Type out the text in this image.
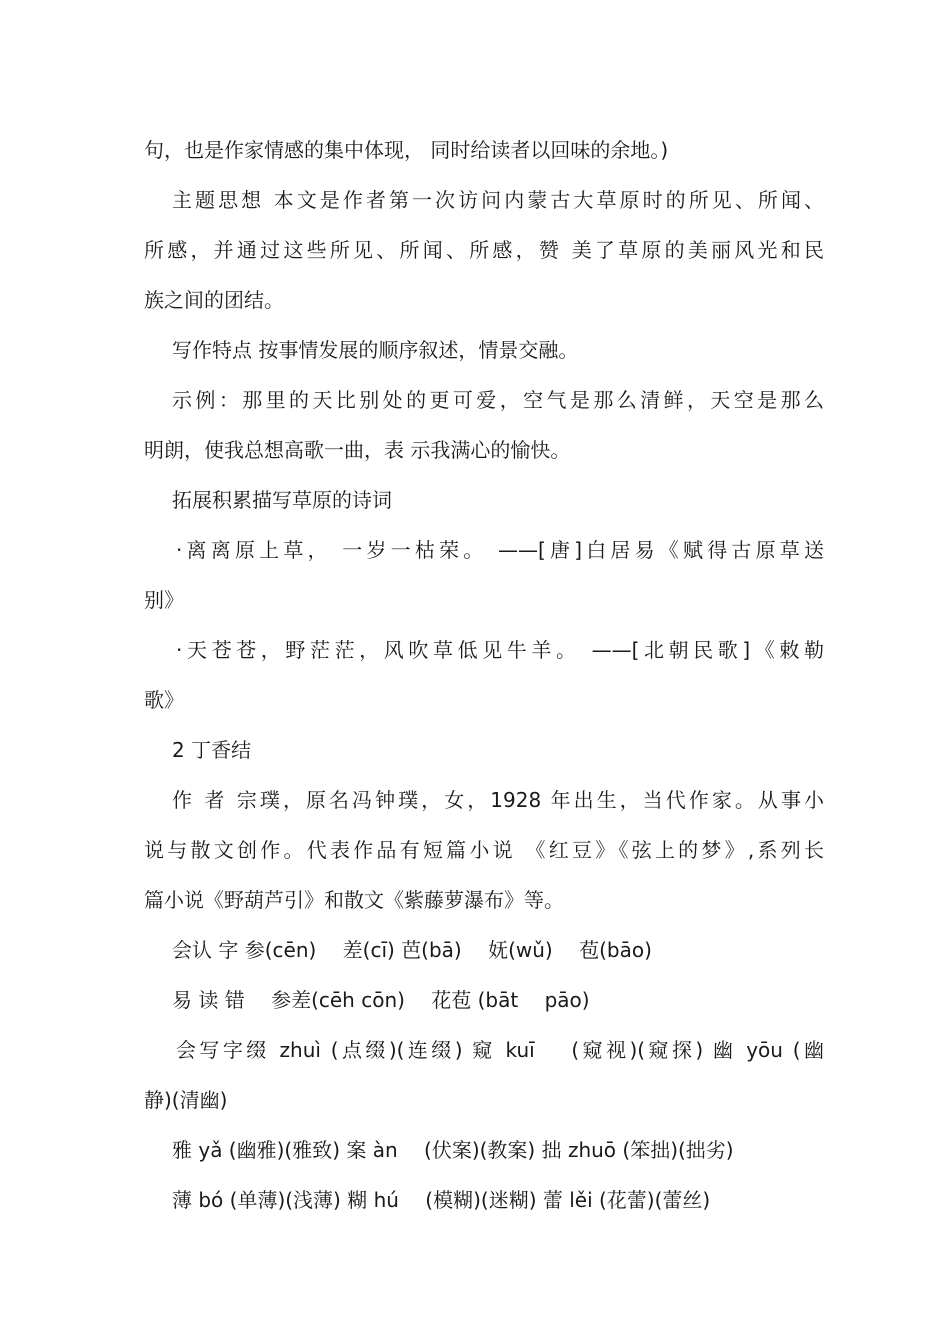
句，也是作家情感的集中体现， 同时给读者以回味的余地。)
主题思想 本文是作者第一次访问内蒙古大草原时的所见、所闻、
所感，并通过这些所见、所闻、所感，赞 美了草原的美丽风光和民
族之间的团结。
写作特点 按事情发展的顺序叙述，情景交融。
示例：那里的天比别处的更可爱，空气是那么清鲜，天空是那么
明朗，使我总想高歌一曲，表 示我满心的愉快。
拓展积累描写草原的诗词
·离离原上草， 一岁一枯荣。 ——[唐]白居易《赋得古原草送
别》
·天苍苍，野茫茫，风吹草低见牛羊。 ——[北朝民歌]《敕勒
歌》
2 丁香结
作 者 宗璞，原名冯钟璞，女，1928 年出生，当代作家。从事小
说与散文创作。代表作品有短篇小说 《红豆》《弦上的梦》,系列长
篇小说《野葫芦引》和散文《紫藤萝瀑布》等。
会认 字 参(cēn)　 差(cī) 芭(bā)　 妩(wǔ)　 苞(bāo)
易 读 错　 参差(cēh cōn)　 花苞 (bāt　 pāo)
会写字缀 zhuì (点缀)(连缀) 窥 kuī　 (窥视)(窥探) 幽 yōu (幽
静)(清幽)
雅 yǎ (幽雅)(雅致) 案 àn　 (伏案)(教案) 拙 zhuō (笨拙)(拙劣)
薄 bó (单薄)(浅薄) 糊 hú　 (模糊)(迷糊) 蕾 lěi (花蕾)(蕾丝)
